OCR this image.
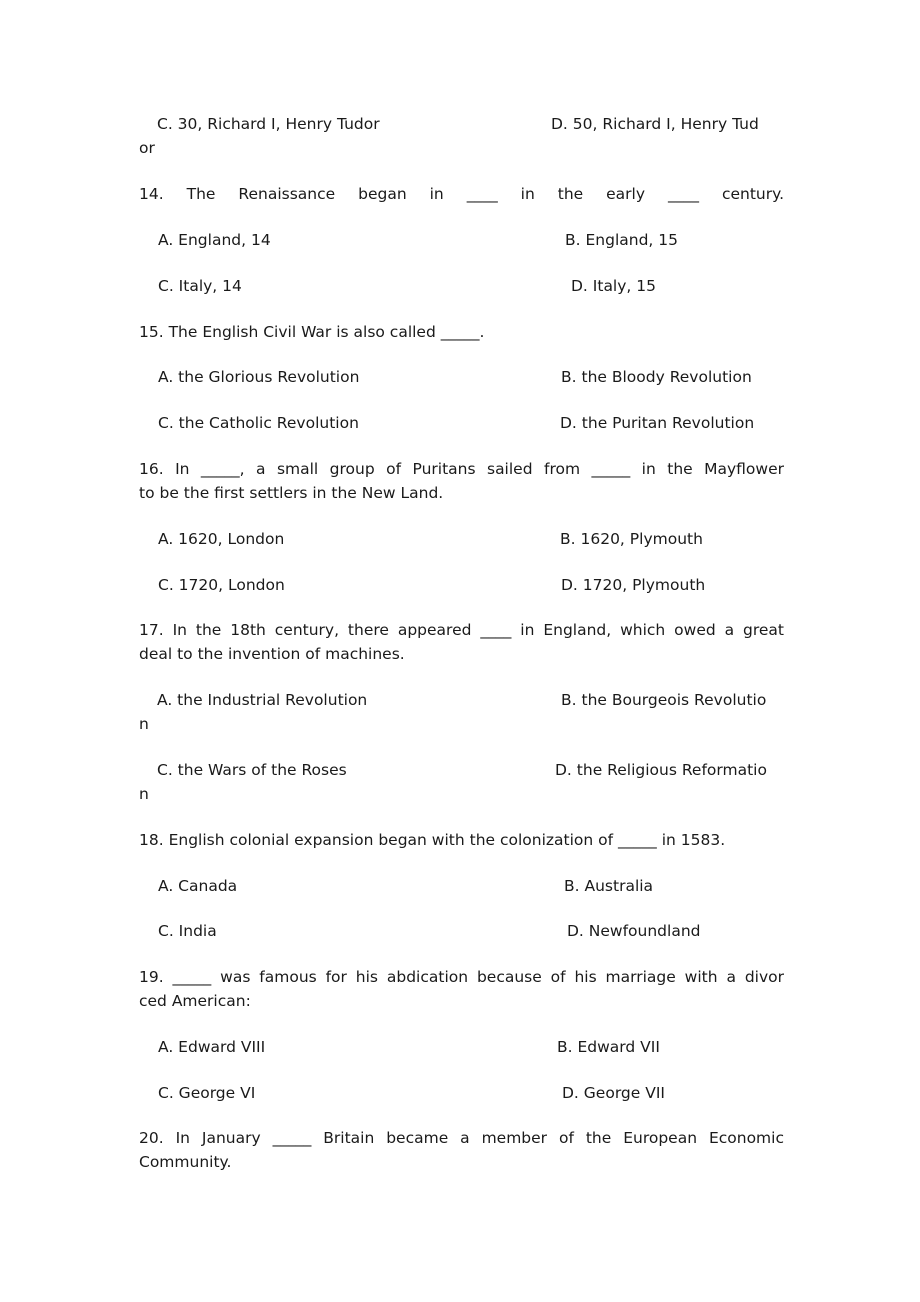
C. 30, Richard I, Henry Tudor	D. 50, Richard I, Henry Tud

or

14. The Renaissance began in ____ in the early ____ century.

A. England, 14	B. England, 15

C. Italy, 14	D. Italy, 15

15. The English Civil War is also called _____.

A. the Glorious Revolution	B. the Bloody Revolution

C. the Catholic Revolution	D. the Puritan Revolution

16. In _____, a small group of Puritans sailed from _____ in the Mayflower

to be the first settlers in the New Land.

A. 1620, London	B. 1620, Plymouth

C. 1720, London	D. 1720, Plymouth

17. In the 18th century, there appeared ____ in England, which owed a great

deal to the invention of machines.

A. the Industrial Revolution	B. the Bourgeois Revolutio

n

C. the Wars of the Roses	D. the Religious Reformatio

n

18. English colonial expansion began with the colonization of _____ in 1583.

A. Canada	B. Australia

C. India	D. Newfoundland

19. _____ was famous for his abdication because of his marriage with a divor

ced American:

A. Edward VIII	B. Edward VII

C. George VI	D. George VII

20. In January _____ Britain became a member of the European Economic

Community.
